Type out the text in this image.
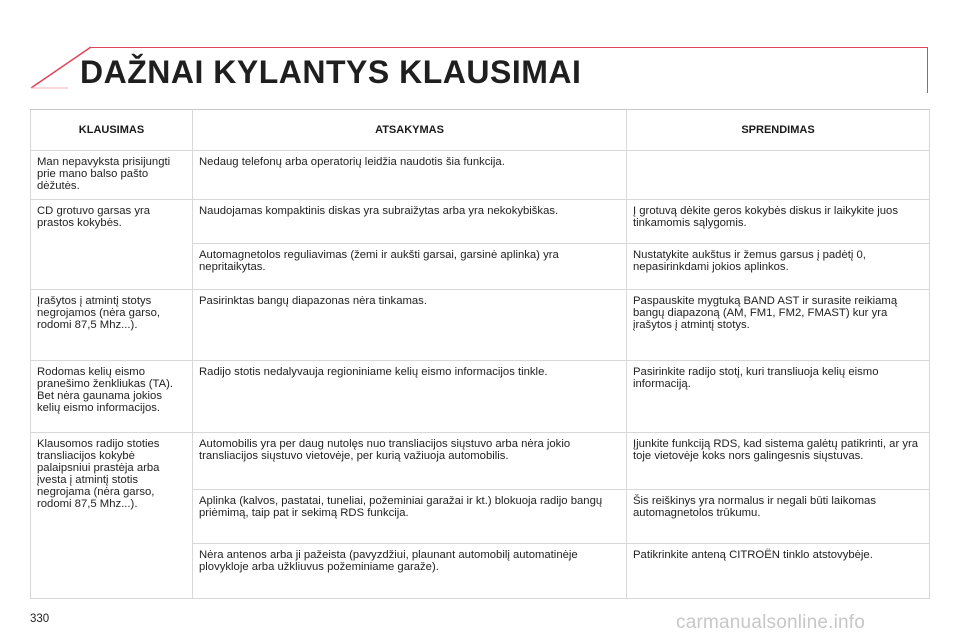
DAŽNAI KYLANTYS KLAUSIMAI
KLAUSIMAS	ATSAKYMAS	SPRENDIMAS
Man nepavyksta prisijungti prie mano balso pašto dėžutės.	Nedaug telefonų arba operatorių leidžia naudotis šia funkcija.	
CD grotuvo garsas yra prastos kokybės.	Naudojamas kompaktinis diskas yra subraižytas arba yra nekokybiškas.	Į grotuvą dėkite geros kokybės diskus ir laikykite juos tinkamomis sąlygomis.
	Automagnetolos reguliavimas (žemi ir aukšti garsai, garsinė aplinka) yra nepritaikytas.	Nustatykite aukštus ir žemus garsus į padėtį 0, nepasirinkdami jokios aplinkos.
Įrašytos į atmintį stotys negrojamos (nėra garso, rodomi 87,5 Mhz...).	Pasirinktas bangų diapazonas nėra tinkamas.	Paspauskite mygtuką BAND AST ir surasite reikiamą bangų diapazoną (AM, FM1, FM2, FMAST) kur yra įrašytos į atmintį stotys.
Rodomas kelių eismo pranešimo ženkliukas (TA). Bet nėra gaunama jokios kelių eismo informacijos.	Radijo stotis nedalyvauja regioniniame kelių eismo informacijos tinkle.	Pasirinkite radijo stotį, kuri transliuoja kelių eismo informaciją.
Klausomos radijo stoties transliacijos kokybė palaipsniui prastėja arba įvesta į atmintį stotis negrojama (nėra garso, rodomi 87,5 Mhz...).	Automobilis yra per daug nutolęs nuo transliacijos siųstuvo arba nėra jokio transliacijos siųstuvo vietovėje, per kurią važiuoja automobilis.	Įjunkite funkciją RDS, kad sistema galėtų patikrinti, ar yra toje vietovėje koks nors galingesnis siųstuvas.
	Aplinka (kalvos, pastatai, tuneliai, požeminiai garažai ir kt.) blokuoja radijo bangų priėmimą, taip pat ir sekimą RDS funkcija.	Šis reiškinys yra normalus ir negali būti laikomas automagnetolos trūkumu.
	Nėra antenos arba ji pažeista (pavyzdžiui, plaunant automobilį automatinėje plovykloje arba užkliuvus požeminiame garaže).	Patikrinkite anteną CITROËN tinklo atstovybėje.
330	carmanualsonline.info
